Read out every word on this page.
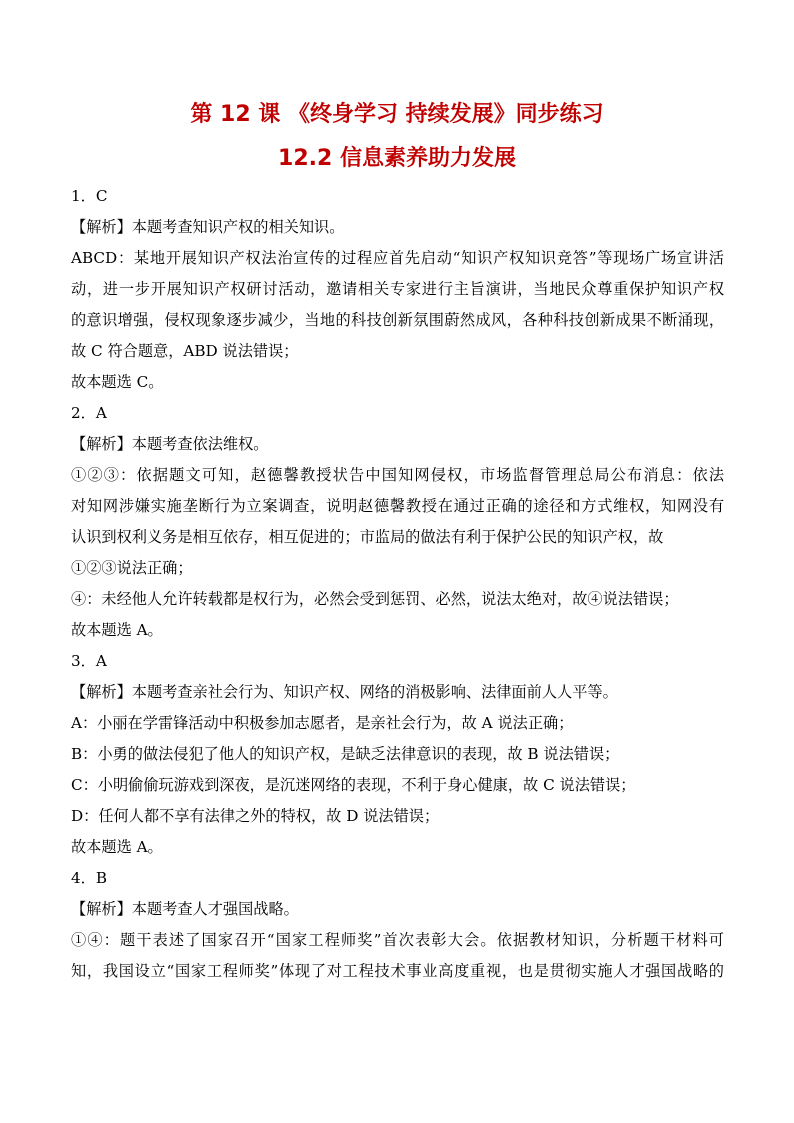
第 12 课 《终身学习 持续发展》同步练习
12.2 信息素养助力发展
1．C
【解析】本题考查知识产权的相关知识。
ABCD：某地开展知识产权法治宣传的过程应首先启动“知识产权知识竞答”等现场广场宣讲活
动，进一步开展知识产权研讨活动，邀请相关专家进行主旨演讲，当地民众尊重保护知识产权
的意识增强，侵权现象逐步减少，当地的科技创新氛围蔚然成风，各种科技创新成果不断涌现，
故 C 符合题意，ABD 说法错误；
故本题选 C。
2．A
【解析】本题考查依法维权。
①②③：依据题文可知，赵德馨教授状告中国知网侵权，市场监督管理总局公布消息：依法
对知网涉嫌实施垄断行为立案调查，说明赵德馨教授在通过正确的途径和方式维权，知网没有
认识到权利义务是相互依存，相互促进的；市监局的做法有利于保护公民的知识产权，故
①②③说法正确；
④：未经他人允许转载都是权行为，必然会受到惩罚、必然，说法太绝对，故④说法错误；
故本题选 A。
3．A
【解析】本题考查亲社会行为、知识产权、网络的消极影响、法律面前人人平等。
A：小丽在学雷锋活动中积极参加志愿者，是亲社会行为，故 A 说法正确；
B：小勇的做法侵犯了他人的知识产权，是缺乏法律意识的表现，故 B 说法错误；
C：小明偷偷玩游戏到深夜，是沉迷网络的表现，不利于身心健康，故 C 说法错误；
D：任何人都不享有法律之外的特权，故 D 说法错误；
故本题选 A。
4．B
【解析】本题考查人才强国战略。
①④：题干表述了国家召开“国家工程师奖”首次表彰大会。依据教材知识，分析题干材料可
知，我国设立“国家工程师奖”体现了对工程技术事业高度重视，也是贯彻实施人才强国战略的
